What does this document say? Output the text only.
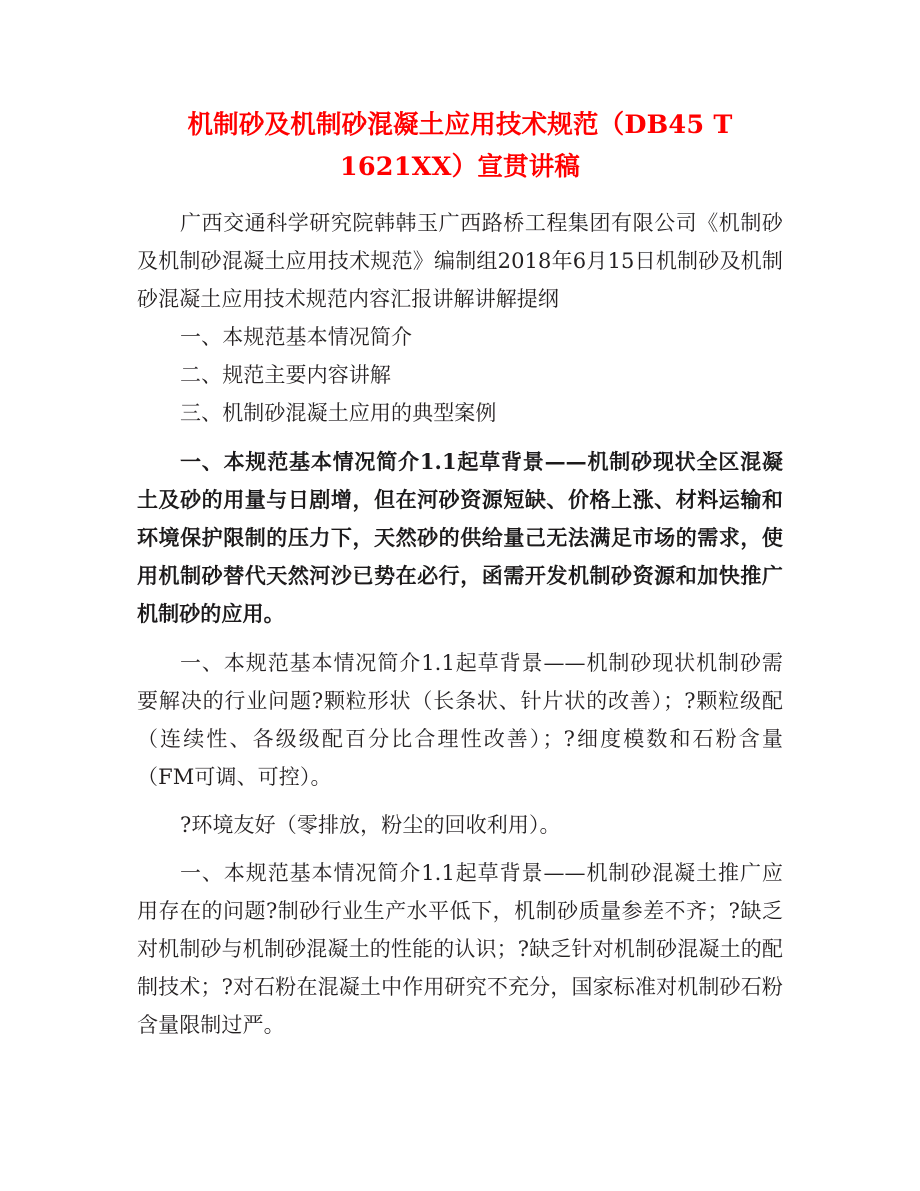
机制砂及机制砂混凝土应用技术规范（DB45 T 1621XX）宣贯讲稿

广西交通科学研究院韩韩玉广西路桥工程集团有限公司《机制砂及机制砂混凝土应用技术规范》编制组2018年6月15日机制砂及机制砂混凝土应用技术规范内容汇报讲解讲解提纲

一、本规范基本情况简介

二、规范主要内容讲解

三、机制砂混凝土应用的典型案例

一、本规范基本情况简介1.1起草背景——机制砂现状全区混凝土及砂的用量与日剧增，但在河砂资源短缺、价格上涨、材料运输和环境保护限制的压力下，天然砂的供给量己无法满足市场的需求，使用机制砂替代天然河沙已势在必行，函需开发机制砂资源和加快推广机制砂的应用。

一、本规范基本情况简介1.1起草背景——机制砂现状机制砂需要解决的行业问题?颗粒形状（长条状、针片状的改善）；?颗粒级配（连续性、各级级配百分比合理性改善）；?细度模数和石粉含量（FM可调、可控）。

?环境友好（零排放，粉尘的回收利用）。

一、本规范基本情况简介1.1起草背景——机制砂混凝土推广应用存在的问题?制砂行业生产水平低下，机制砂质量参差不齐；?缺乏对机制砂与机制砂混凝土的性能的认识；?缺乏针对机制砂混凝土的配制技术；?对石粉在混凝土中作用研究不充分，国家标准对机制砂石粉含量限制过严。
